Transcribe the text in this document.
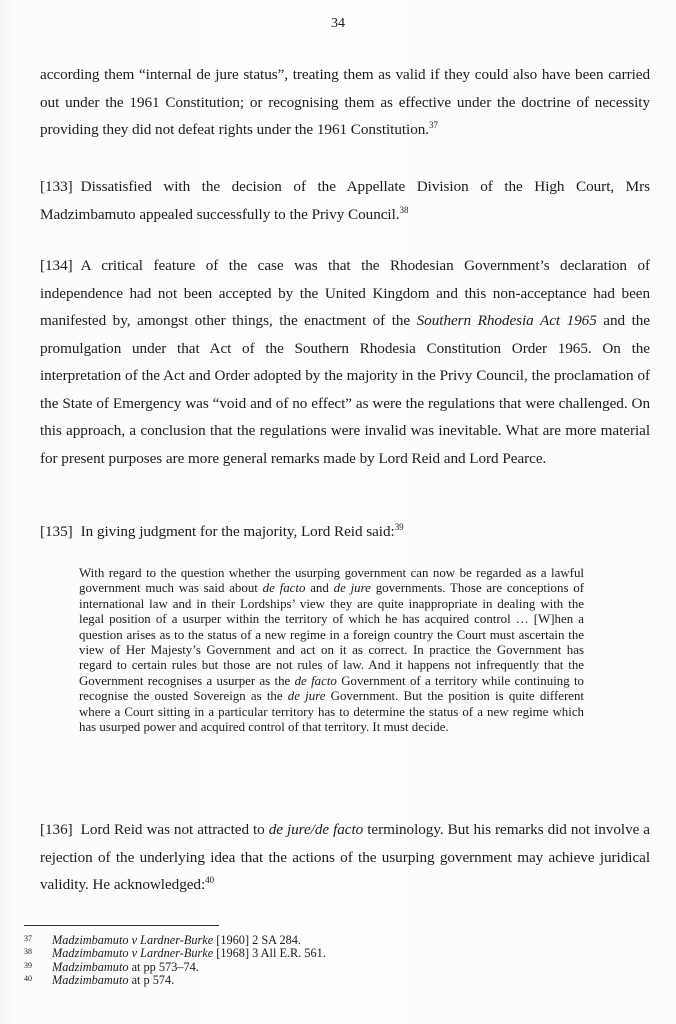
34
according them “internal de jure status”, treating them as valid if they could also have been carried out under the 1961 Constitution; or recognising them as effective under the doctrine of necessity providing they did not defeat rights under the 1961 Constitution.$^{37}$
[133] Dissatisfied with the decision of the Appellate Division of the High Court, Mrs Madzimbamuto appealed successfully to the Privy Council.$^{38}$
[134] A critical feature of the case was that the Rhodesian Government’s declaration of independence had not been accepted by the United Kingdom and this non-acceptance had been manifested by, amongst other things, the enactment of the Southern Rhodesia Act 1965 and the promulgation under that Act of the Southern Rhodesia Constitution Order 1965. On the interpretation of the Act and Order adopted by the majority in the Privy Council, the proclamation of the State of Emergency was “void and of no effect” as were the regulations that were challenged. On this approach, a conclusion that the regulations were invalid was inevitable. What are more material for present purposes are more general remarks made by Lord Reid and Lord Pearce.
[135] In giving judgment for the majority, Lord Reid said:$^{39}$
With regard to the question whether the usurping government can now be regarded as a lawful government much was said about de facto and de jure governments. Those are conceptions of international law and in their Lordships’ view they are quite inappropriate in dealing with the legal position of a usurper within the territory of which he has acquired control … [W]hen a question arises as to the status of a new regime in a foreign country the Court must ascertain the view of Her Majesty’s Government and act on it as correct. In practice the Government has regard to certain rules but those are not rules of law. And it happens not infrequently that the Government recognises a usurper as the de facto Government of a territory while continuing to recognise the ousted Sovereign as the de jure Government. But the position is quite different where a Court sitting in a particular territory has to determine the status of a new regime which has usurped power and acquired control of that territory. It must decide.
[136] Lord Reid was not attracted to de jure/de facto terminology. But his remarks did not involve a rejection of the underlying idea that the actions of the usurping government may achieve juridical validity. He acknowledged:$^{40}$
37	Madzimbamuto v Lardner-Burke [1960] 2 SA 284.
38	Madzimbamuto v Lardner-Burke [1968] 3 All E.R. 561.
39	Madzimbamuto at pp 573–74.
40	Madzimbamuto at p 574.
